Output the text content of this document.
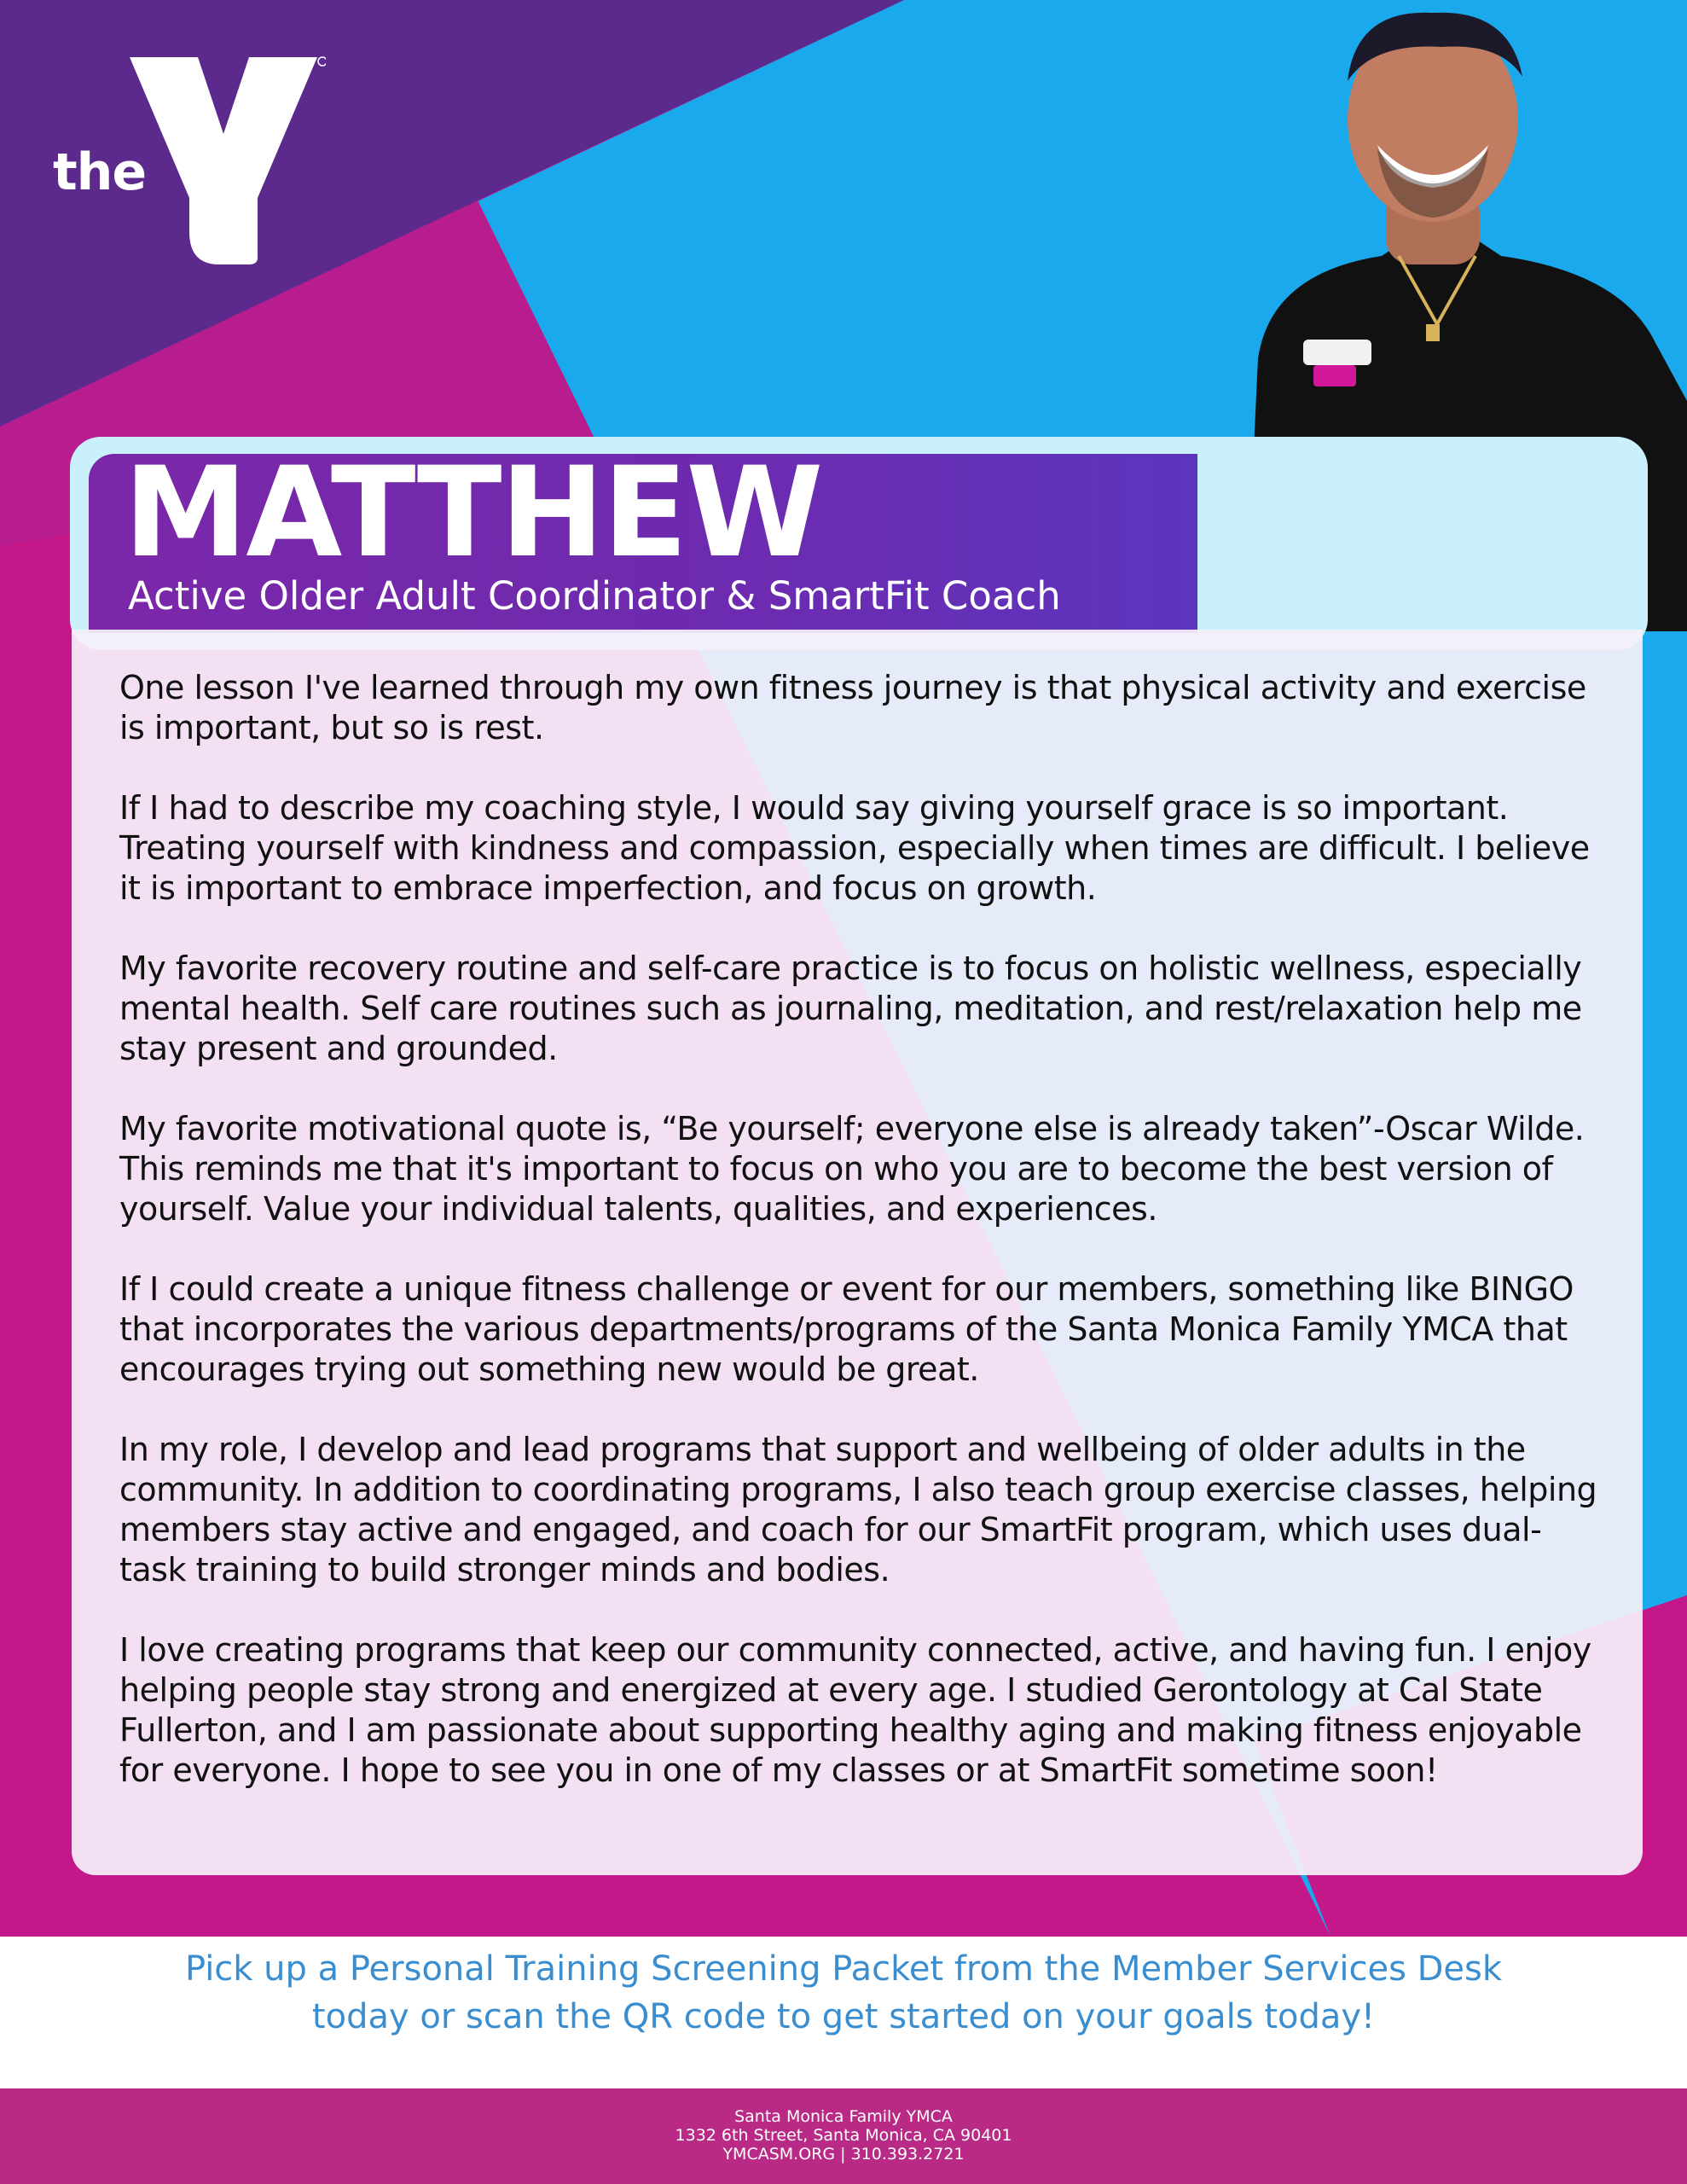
the
MATTHEW
Active Older Adult Coordinator & SmartFit Coach

One lesson I've learned through my own fitness journey is that physical activity and exercise is important, but so is rest.

If I had to describe my coaching style, I would say giving yourself grace is so important. Treating yourself with kindness and compassion, especially when times are difficult. I believe it is important to embrace imperfection, and focus on growth.

My favorite recovery routine and self-care practice is to focus on holistic wellness, especially mental health. Self care routines such as journaling, meditation, and rest/relaxation help me stay present and grounded.

My favorite motivational quote is, “Be yourself; everyone else is already taken”-Oscar Wilde. This reminds me that it's important to focus on who you are to become the best version of yourself. Value your individual talents, qualities, and experiences.

If I could create a unique fitness challenge or event for our members, something like BINGO that incorporates the various departments/programs of the Santa Monica Family YMCA that encourages trying out something new would be great.

In my role, I develop and lead programs that support and wellbeing of older adults in the community. In addition to coordinating programs, I also teach group exercise classes, helping members stay active and engaged, and coach for our SmartFit program, which uses dual-task training to build stronger minds and bodies.

I love creating programs that keep our community connected, active, and having fun. I enjoy helping people stay strong and energized at every age. I studied Gerontology at Cal State Fullerton, and I am passionate about supporting healthy aging and making fitness enjoyable for everyone. I hope to see you in one of my classes or at SmartFit sometime soon!

Pick up a Personal Training Screening Packet from the Member Services Desk
today or scan the QR code to get started on your goals today!
Santa Monica Family YMCA
1332 6th Street, Santa Monica, CA 90401
YMCASM.ORG | 310.393.2721
